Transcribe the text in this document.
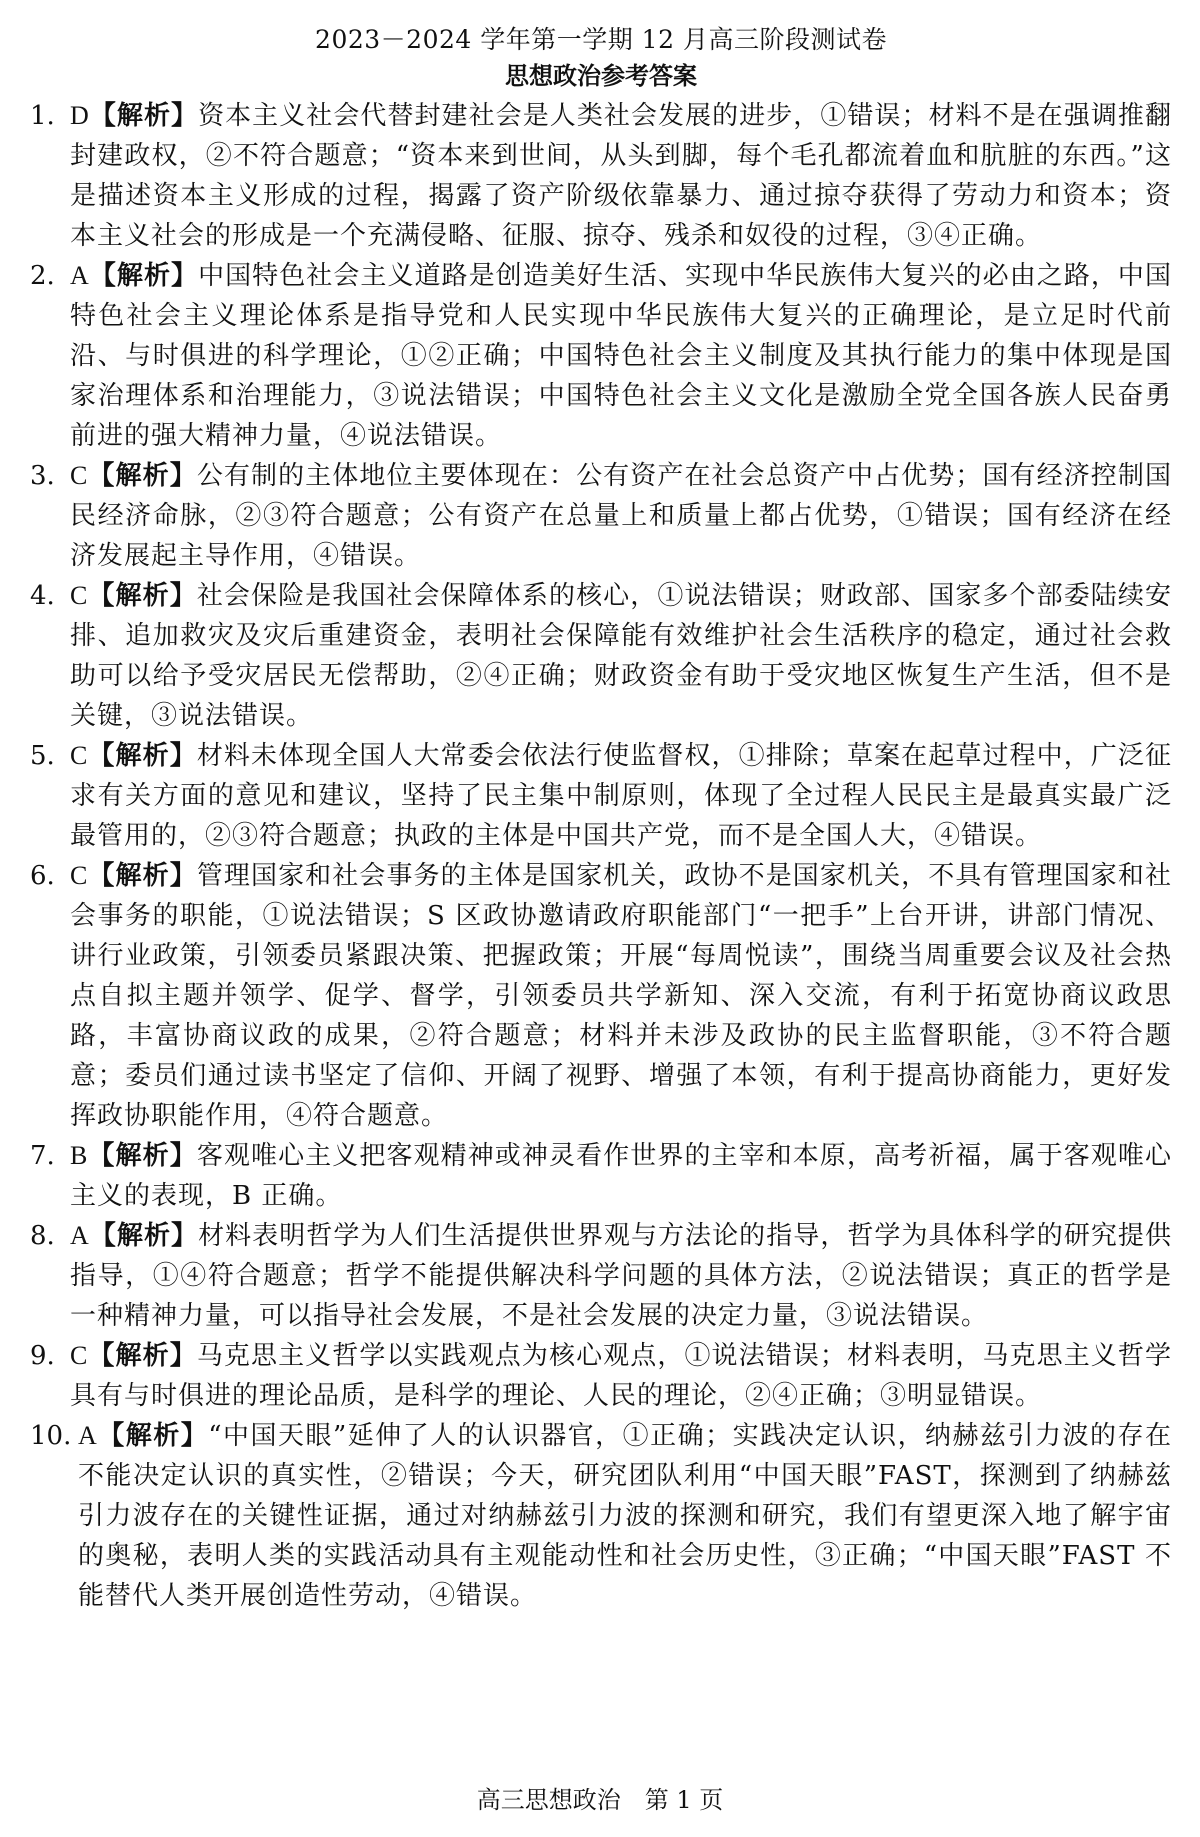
2023－2024 学年第一学期 12 月高三阶段测试卷
思想政治参考答案
1. D【解析】资本主义社会代替封建社会是人类社会发展的进步，①错误；材料不是在强调推翻封建政权，②不符合题意；“资本来到世间，从头到脚，每个毛孔都流着血和肮脏的东西。”这是描述资本主义形成的过程，揭露了资产阶级依靠暴力、通过掠夺获得了劳动力和资本；资本主义社会的形成是一个充满侵略、征服、掠夺、残杀和奴役的过程，③④正确。
2. A【解析】中国特色社会主义道路是创造美好生活、实现中华民族伟大复兴的必由之路，中国特色社会主义理论体系是指导党和人民实现中华民族伟大复兴的正确理论，是立足时代前沿、与时俱进的科学理论，①②正确；中国特色社会主义制度及其执行能力的集中体现是国家治理体系和治理能力，③说法错误；中国特色社会主义文化是激励全党全国各族人民奋勇前进的强大精神力量，④说法错误。
3. C【解析】公有制的主体地位主要体现在：公有资产在社会总资产中占优势；国有经济控制国民经济命脉，②③符合题意；公有资产在总量上和质量上都占优势，①错误；国有经济在经济发展起主导作用，④错误。
4. C【解析】社会保险是我国社会保障体系的核心，①说法错误；财政部、国家多个部委陆续安排、追加救灾及灾后重建资金，表明社会保障能有效维护社会生活秩序的稳定，通过社会救助可以给予受灾居民无偿帮助，②④正确；财政资金有助于受灾地区恢复生产生活，但不是关键，③说法错误。
5. C【解析】材料未体现全国人大常委会依法行使监督权，①排除；草案在起草过程中，广泛征求有关方面的意见和建议，坚持了民主集中制原则，体现了全过程人民民主是最真实最广泛最管用的，②③符合题意；执政的主体是中国共产党，而不是全国人大，④错误。
6. C【解析】管理国家和社会事务的主体是国家机关，政协不是国家机关，不具有管理国家和社会事务的职能，①说法错误；S 区政协邀请政府职能部门“一把手”上台开讲，讲部门情况、讲行业政策，引领委员紧跟决策、把握政策；开展“每周悦读”，围绕当周重要会议及社会热点自拟主题并领学、促学、督学，引领委员共学新知、深入交流，有利于拓宽协商议政思路，丰富协商议政的成果，②符合题意；材料并未涉及政协的民主监督职能，③不符合题意；委员们通过读书坚定了信仰、开阔了视野、增强了本领，有利于提高协商能力，更好发挥政协职能作用，④符合题意。
7. B【解析】客观唯心主义把客观精神或神灵看作世界的主宰和本原，高考祈福，属于客观唯心主义的表现，B 正确。
8. A【解析】材料表明哲学为人们生活提供世界观与方法论的指导，哲学为具体科学的研究提供指导，①④符合题意；哲学不能提供解决科学问题的具体方法，②说法错误；真正的哲学是一种精神力量，可以指导社会发展，不是社会发展的决定力量，③说法错误。
9. C【解析】马克思主义哲学以实践观点为核心观点，①说法错误；材料表明，马克思主义哲学具有与时俱进的理论品质，是科学的理论、人民的理论，②④正确；③明显错误。
10. A【解析】“中国天眼”延伸了人的认识器官，①正确；实践决定认识，纳赫兹引力波的存在不能决定认识的真实性，②错误；今天，研究团队利用“中国天眼”FAST，探测到了纳赫兹引力波存在的关键性证据，通过对纳赫兹引力波的探测和研究，我们有望更深入地了解宇宙的奥秘，表明人类的实践活动具有主观能动性和社会历史性，③正确；“中国天眼”FAST 不能替代人类开展创造性劳动，④错误。
高三思想政治　第 1 页
